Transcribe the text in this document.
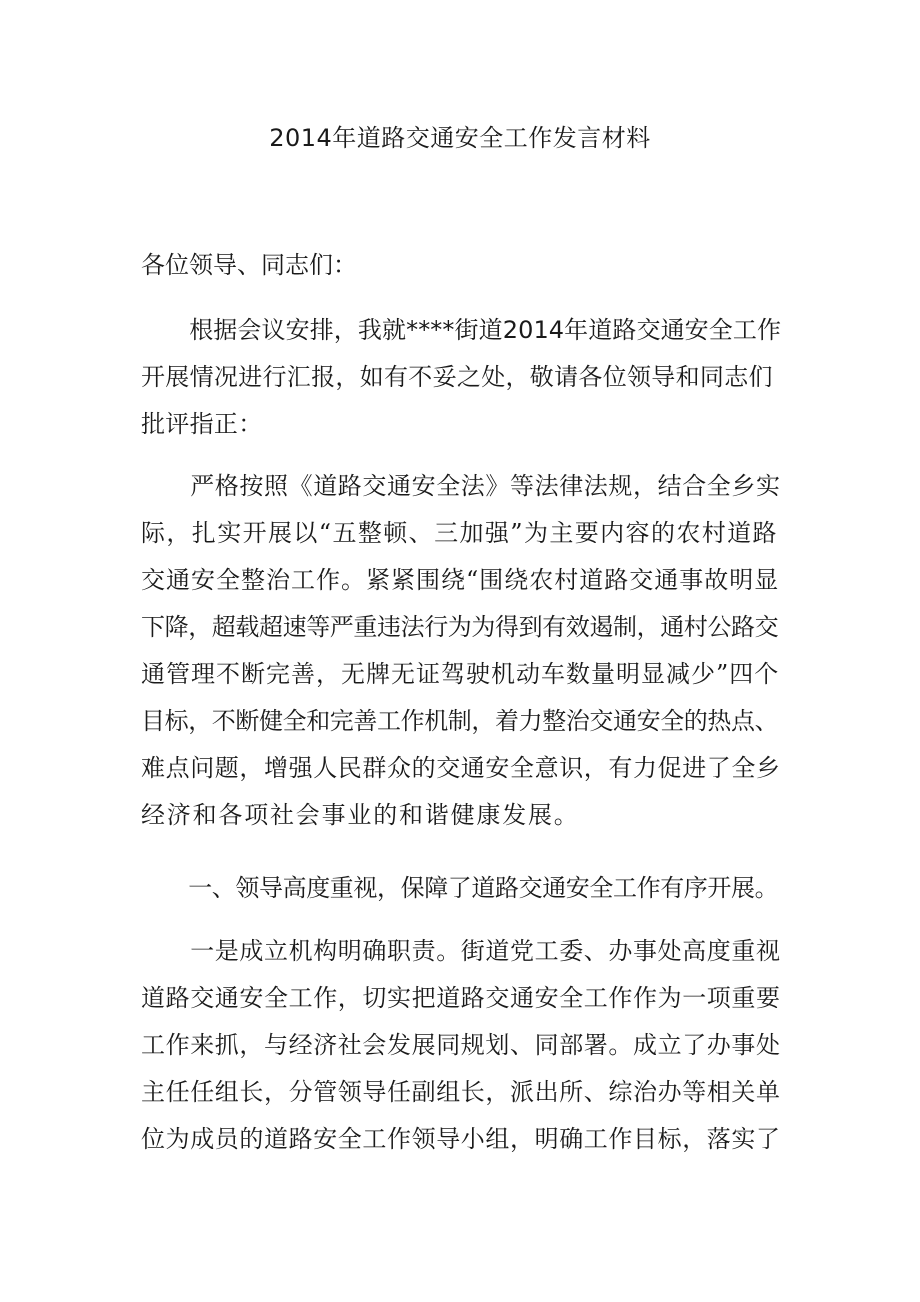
2014年道路交通安全工作发言材料

各位领导、同志们：

　　根据会议安排，我就****街道2014年道路交通安全工作
开展情况进行汇报，如有不妥之处，敬请各位领导和同志们
批评指正：

　　严格按照《道路交通安全法》等法律法规，结合全乡实
际，扎实开展以“五整顿、三加强”为主要内容的农村道路
交通安全整治工作。紧紧围绕“围绕农村道路交通事故明显
下降，超载超速等严重违法行为为得到有效遏制，通村公路交
通管理不断完善，无牌无证驾驶机动车数量明显减少”四个
目标，不断健全和完善工作机制，着力整治交通安全的热点、
难点问题，增强人民群众的交通安全意识，有力促进了全乡
经济和各项社会事业的和谐健康发展。

　　一、领导高度重视，保障了道路交通安全工作有序开展。

　　一是成立机构明确职责。街道党工委、办事处高度重视
道路交通安全工作，切实把道路交通安全工作作为一项重要
工作来抓，与经济社会发展同规划、同部署。成立了办事处
主任任组长，分管领导任副组长，派出所、综治办等相关单
位为成员的道路安全工作领导小组，明确工作目标，落实了
